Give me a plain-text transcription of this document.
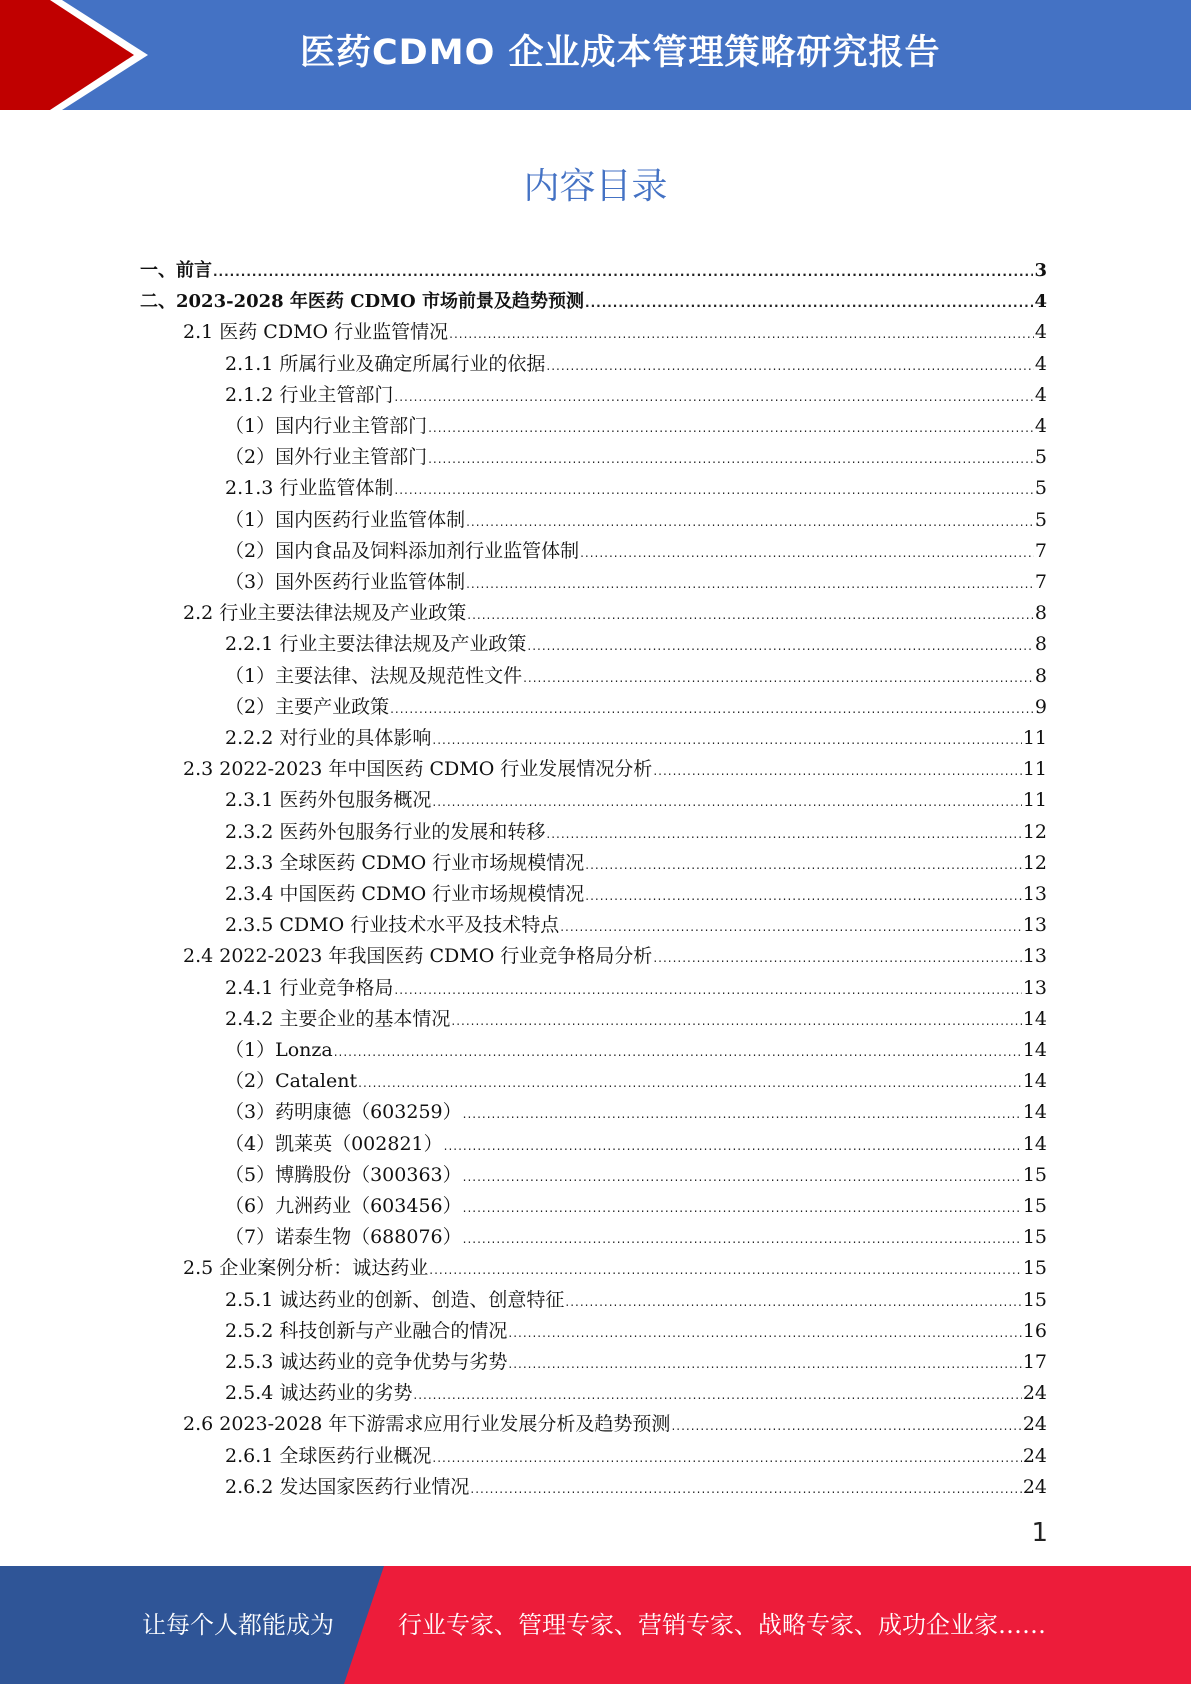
医药CDMO 企业成本管理策略研究报告
内容目录
一、前言 .....	3
二、2023-2028 年医药 CDMO 市场前景及趋势预测 .....	4
2.1 医药 CDMO 行业监管情况 .....	4
2.1.1 所属行业及确定所属行业的依据 .....	4
2.1.2 行业主管部门 .....	4
（1）国内行业主管部门 .....	4
（2）国外行业主管部门 .....	5
2.1.3 行业监管体制 .....	5
（1）国内医药行业监管体制 .....	5
（2）国内食品及饲料添加剂行业监管体制 .....	7
（3）国外医药行业监管体制 .....	7
2.2 行业主要法律法规及产业政策 .....	8
2.2.1 行业主要法律法规及产业政策 .....	8
（1）主要法律、法规及规范性文件 .....	8
（2）主要产业政策 .....	9
2.2.2 对行业的具体影响 .....	11
2.3 2022-2023 年中国医药 CDMO 行业发展情况分析 .....	11
2.3.1 医药外包服务概况 .....	11
2.3.2 医药外包服务行业的发展和转移 .....	12
2.3.3 全球医药 CDMO 行业市场规模情况 .....	12
2.3.4 中国医药 CDMO 行业市场规模情况 .....	13
2.3.5 CDMO 行业技术水平及技术特点 .....	13
2.4 2022-2023 年我国医药 CDMO 行业竞争格局分析 .....	13
2.4.1 行业竞争格局 .....	13
2.4.2 主要企业的基本情况 .....	14
（1）Lonza .....	14
（2）Catalent .....	14
（3）药明康德（603259） .....	14
（4）凯莱英（002821） .....	14
（5）博腾股份（300363） .....	15
（6）九洲药业（603456） .....	15
（7）诺泰生物（688076） .....	15
2.5 企业案例分析：诚达药业 .....	15
2.5.1 诚达药业的创新、创造、创意特征 .....	15
2.5.2 科技创新与产业融合的情况 .....	16
2.5.3 诚达药业的竞争优势与劣势 .....	17
2.5.4 诚达药业的劣势 .....	24
2.6 2023-2028 年下游需求应用行业发展分析及趋势预测 .....	24
2.6.1 全球医药行业概况 .....	24
2.6.2 发达国家医药行业情况 .....	24
1
让每个人都能成为	行业专家、管理专家、营销专家、战略专家、成功企业家……
